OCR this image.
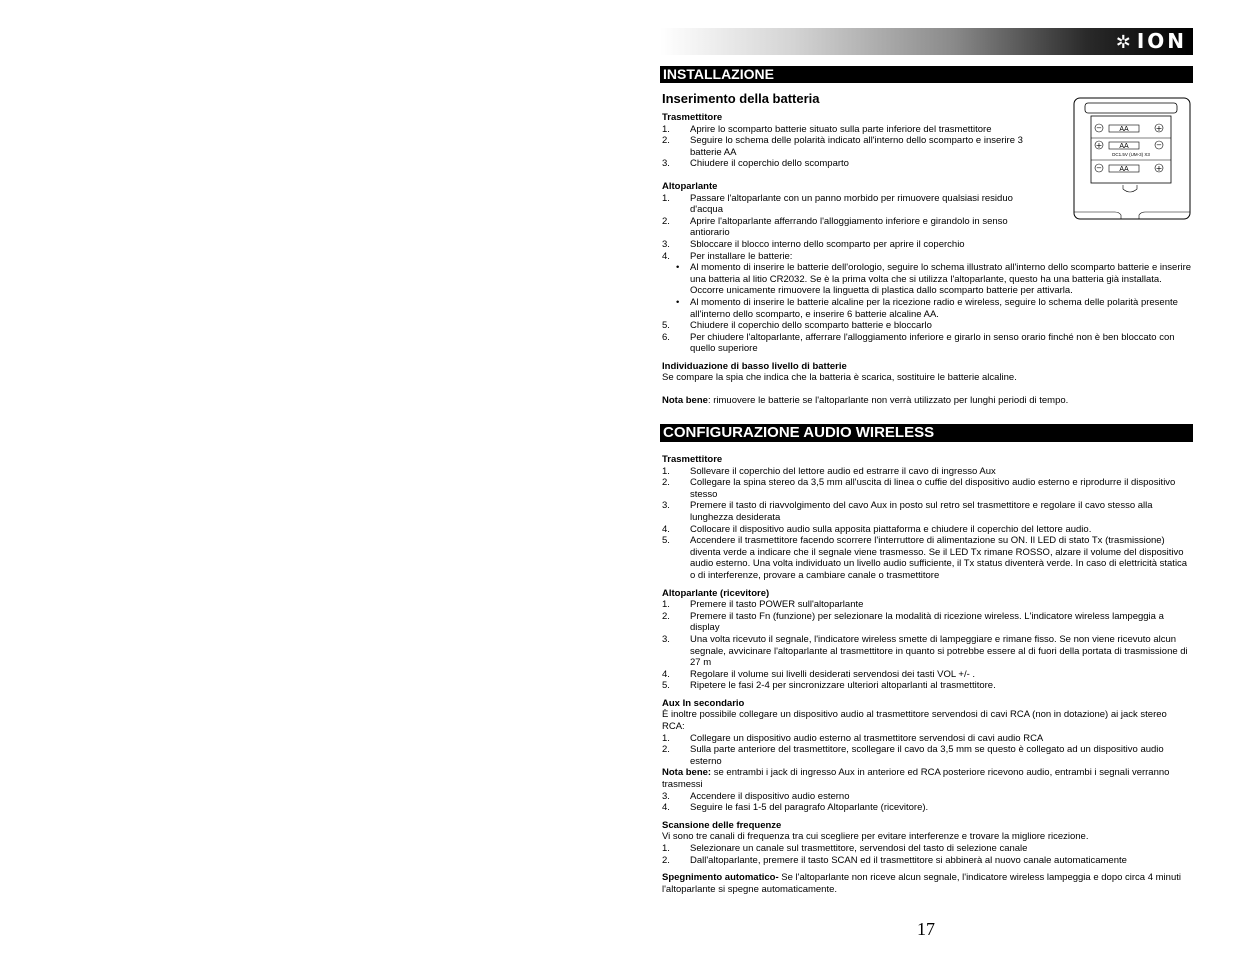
✲ ION
INSTALLAZIONE
Inserimento della batteria
− AA	+
+ AA	−
DC1.5V (UM-3) X3
− AA	+
Trasmettitore
1. Aprire lo scomparto batterie situato sulla parte inferiore del trasmettitore
2. Seguire lo schema delle polarità indicato all'interno dello scomparto e inserire 3 batterie AA
3. Chiudere il coperchio dello scomparto
Altoparlante
1. Passare l'altoparlante con un panno morbido per rimuovere qualsiasi residuo d'acqua
2. Aprire l'altoparlante afferrando l'alloggiamento inferiore e girandolo in senso antiorario
3. Sbloccare il blocco interno dello scomparto per aprire il coperchio
4. Per installare le batterie:
• Al momento di inserire le batterie dell'orologio, seguire lo schema illustrato all'interno dello scomparto batterie e inserire una batteria al litio CR2032. Se è la prima volta che si utilizza l'altoparlante, questo ha una batteria già installata. Occorre unicamente rimuovere la linguetta di plastica dallo scomparto batterie per attivarla.
• Al momento di inserire le batterie alcaline per la ricezione radio e wireless, seguire lo schema delle polarità presente all'interno dello scomparto, e inserire 6 batterie alcaline AA.
5. Chiudere il coperchio dello scomparto batterie e bloccarlo
6. Per chiudere l'altoparlante, afferrare l'alloggiamento inferiore e girarlo in senso orario finché non è ben bloccato con quello superiore
Individuazione di basso livello di batterie
Se compare la spia che indica che la batteria è scarica, sostituire le batterie alcaline.
Nota bene: rimuovere le batterie se l'altoparlante non verrà utilizzato per lunghi periodi di tempo.
CONFIGURAZIONE AUDIO WIRELESS
Trasmettitore
1. Sollevare il coperchio del lettore audio ed estrarre il cavo di ingresso Aux
2. Collegare la spina stereo da 3,5 mm all'uscita di linea o cuffie del dispositivo audio esterno e riprodurre il dispositivo stesso
3. Premere il tasto di riavvolgimento del cavo Aux in posto sul retro sel trasmettitore e regolare il cavo stesso alla lunghezza desiderata
4. Collocare il dispositivo audio sulla apposita piattaforma e chiudere il coperchio del lettore audio.
5. Accendere il trasmettitore facendo scorrere l'interruttore di alimentazione su ON. Il LED di stato Tx (trasmissione) diventa verde a indicare che il segnale viene trasmesso. Se il LED Tx rimane ROSSO, alzare il volume del dispositivo audio esterno. Una volta individuato un livello audio sufficiente, il Tx status diventerà verde. In caso di elettricità statica o di interferenze, provare a cambiare canale o trasmettitore
Altoparlante (ricevitore)
1. Premere il tasto POWER sull'altoparlante
2. Premere il tasto Fn (funzione) per selezionare la modalità di ricezione wireless. L'indicatore wireless lampeggia a display
3. Una volta ricevuto il segnale, l'indicatore wireless smette di lampeggiare e rimane fisso. Se non viene ricevuto alcun segnale, avvicinare l'altoparlante al trasmettitore in quanto si potrebbe essere al di fuori della portata di trasmissione di 27 m
4. Regolare il volume sui livelli desiderati servendosi dei tasti VOL +/- .
5. Ripetere le fasi 2-4 per sincronizzare ulteriori altoparlanti al trasmettitore.
Aux In secondario
È inoltre possibile collegare un dispositivo audio al trasmettitore servendosi di cavi RCA (non in dotazione) ai jack stereo RCA:
1. Collegare un dispositivo audio esterno al trasmettitore servendosi di cavi audio RCA
2. Sulla parte anteriore del trasmettitore, scollegare il cavo da 3,5 mm se questo è collegato ad un dispositivo audio esterno
Nota bene: se entrambi i jack di ingresso Aux in anteriore ed RCA posteriore ricevono audio, entrambi i segnali verranno trasmessi
3. Accendere il dispositivo audio esterno
4. Seguire le fasi 1-5 del paragrafo Altoparlante (ricevitore).
Scansione delle frequenze
Vi sono tre canali di frequenza tra cui scegliere per evitare interferenze e trovare la migliore ricezione.
1. Selezionare un canale sul trasmettitore, servendosi del tasto di selezione canale
2. Dall'altoparlante, premere il tasto SCAN ed il trasmettitore si abbinerà al nuovo canale automaticamente
Spegnimento automatico- Se l'altoparlante non riceve alcun segnale, l'indicatore wireless lampeggia e dopo circa 4 minuti l'altoparlante si spegne automaticamente.
17
